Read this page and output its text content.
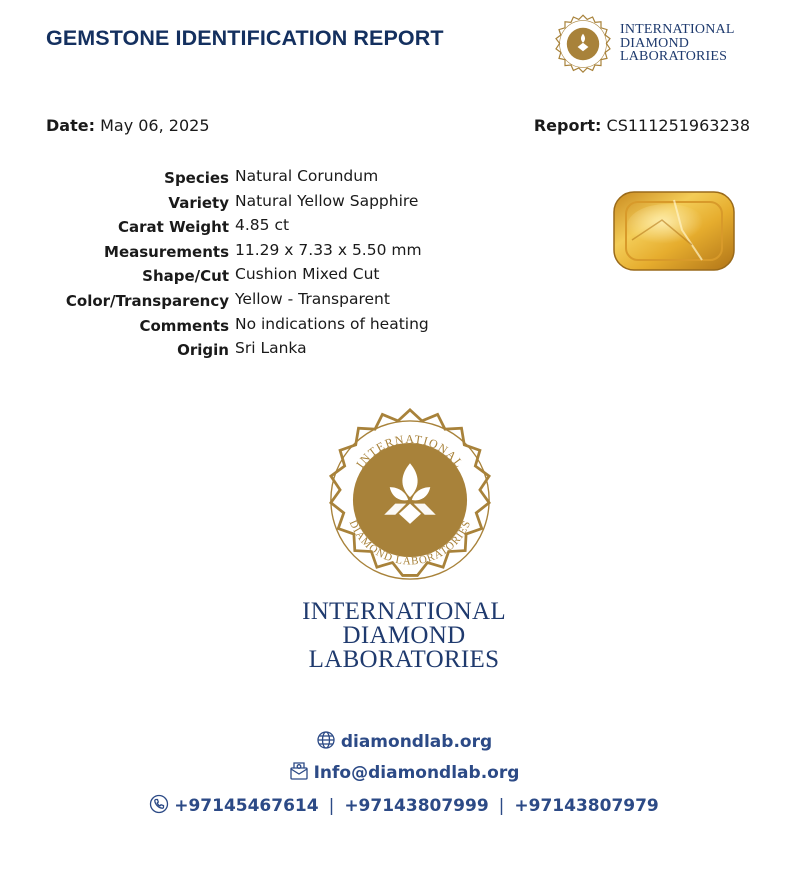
GEMSTONE IDENTIFICATION REPORT	INTERNATIONAL
DIAMOND
LABORATORIES
Date: May 06, 2025	Report: CS111251963238
Species Natural Corundum
Variety Natural Yellow Sapphire
Carat Weight 4.85 ct
Measurements 11.29 x 7.33 x 5.50 mm
Shape/Cut Cushion Mixed Cut
Color/Transparency Yellow - Transparent
Comments No indications of heating
Origin Sri Lanka
INTERNATIONAL
DIAMOND LABORATORIES
INTERNATIONAL
DIAMOND
LABORATORIES
diamondlab.org
Info@diamondlab.org
+97145467614 | +97143807999 | +97143807979
